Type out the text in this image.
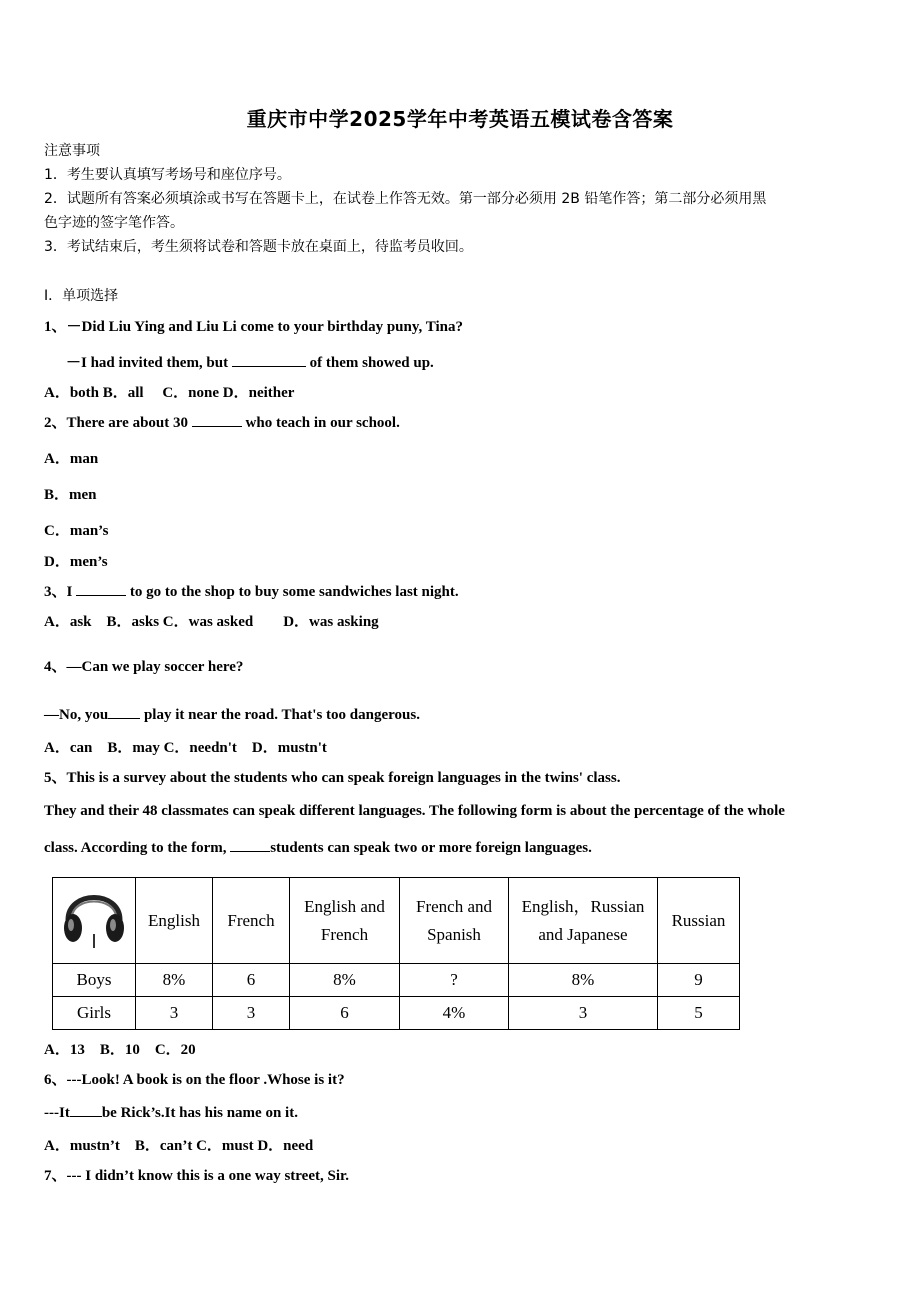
重庆市中学2025学年中考英语五模试卷含答案
注意事项
1．考生要认真填写考场号和座位序号。
2．试题所有答案必须填涂或书写在答题卡上，在试卷上作答无效。第一部分必须用 2B 铅笔作答；第二部分必须用黑
色字迹的签字笔作答。
3．考试结束后，考生须将试卷和答题卡放在桌面上，待监考员收回。
Ⅰ．单项选择
1、－Did Liu Ying and Liu Li come to your birthday puny, Tina?
－I had invited them, but	of them showed up.
A．both B．all　 C．none D．neither
2、There are about 30	who teach in our school.
A．man
B．men
C．man’s
D．men’s
3、I	to go to the shop to buy some sandwiches last night.
A．ask　B．asks C．was asked　　D．was asking
4、—Can we play soccer here?
—No, you play it near the road. That's too dangerous.
A．can　B．may C．needn't　D．mustn't
5、This is a survey about the students who can speak foreign languages in the twins' class.
They and their 48 classmates can speak different languages. The following form is about the percentage of the whole
class. According to the form,	students can speak two or more foreign languages.
	English	French	English and French	French and Spanish	English，Russian and Japanese	Russian
Boys	8%	6	8%	?	8%	9
Girls	3	3	6	4%	3	5
A．13　B．10　C．20
6、---Look! A book is on the floor .Whose is it?
---It be Rick’s.It has his name on it.
A．mustn’t　B．can’t C．must D．need
7、--- I didn’t know this is a one way street, Sir.
